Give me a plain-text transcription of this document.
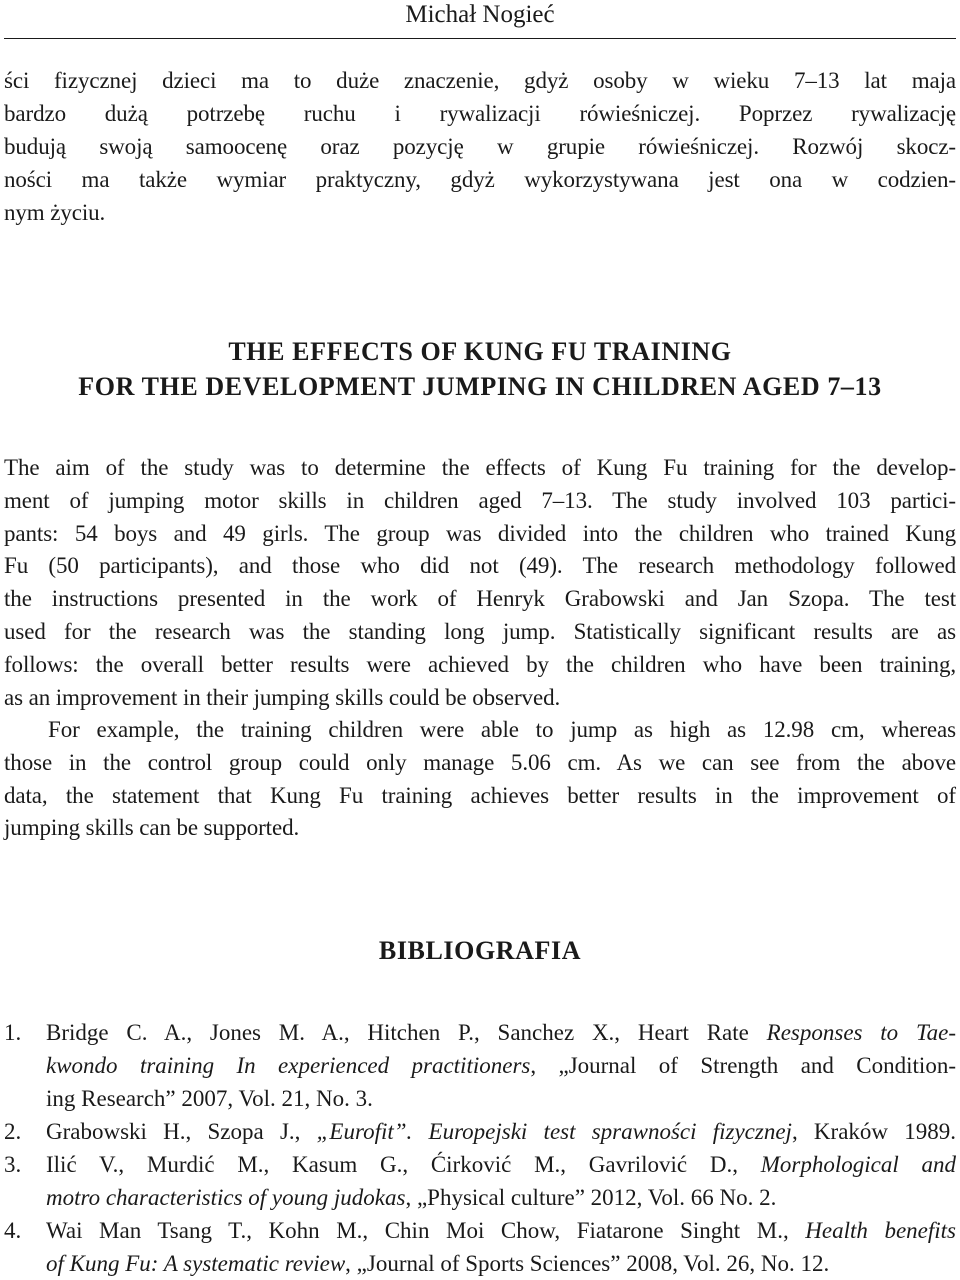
Michał Nogieć

ści fizycznej dzieci ma to duże znaczenie, gdyż osoby w wieku 7–13 lat maja
bardzo dużą potrzebę ruchu i rywalizacji rówieśniczej. Poprzez rywalizację
budują swoją samoocenę oraz pozycję w grupie rówieśniczej. Rozwój skocz-
ności ma także wymiar praktyczny, gdyż wykorzystywana jest ona w codzien-
nym życiu.

THE EFFECTS OF KUNG FU TRAINING
FOR THE DEVELOPMENT JUMPING IN CHILDREN AGED 7–13

The aim of the study was to determine the effects of Kung Fu training for the develop-
ment of jumping motor skills in children aged 7–13. The study involved 103 partici-
pants: 54 boys and 49 girls. The group was divided into the children who trained Kung
Fu (50 participants), and those who did not (49). The research methodology followed
the instructions presented in the work of Henryk Grabowski and Jan Szopa. The test
used for the research was the standing long jump. Statistically significant results are as
follows: the overall better results were achieved by the children who have been training,
as an improvement in their jumping skills could be observed.

For example, the training children were able to jump as high as 12.98 cm, whereas
those in the control group could only manage 5.06 cm. As we can see from the above
data, the statement that Kung Fu training achieves better results in the improvement of
jumping skills can be supported.

BIBLIOGRAFIA
1.	Bridge C. A., Jones M. A., Hitchen P., Sanchez X., Heart Rate Responses to Tae-
kwondo training In experienced practitioners, „Journal of Strength and Condition-
ing Research” 2007, Vol. 21, No. 3.
2.	Grabowski H., Szopa J., „Eurofit”. Europejski test sprawności fizycznej, Kraków 1989.
3.	Ilić V., Murdić M., Kasum G., Ćirković M., Gavrilović D., Morphological and
motro characteristics of young judokas, „Physical culture” 2012, Vol. 66 No. 2.
4.	Wai Man Tsang T., Kohn M., Chin Moi Chow, Fiatarone Singht M., Health benefits
of Kung Fu: A systematic review, „Journal of Sports Sciences” 2008, Vol. 26, No. 12.
